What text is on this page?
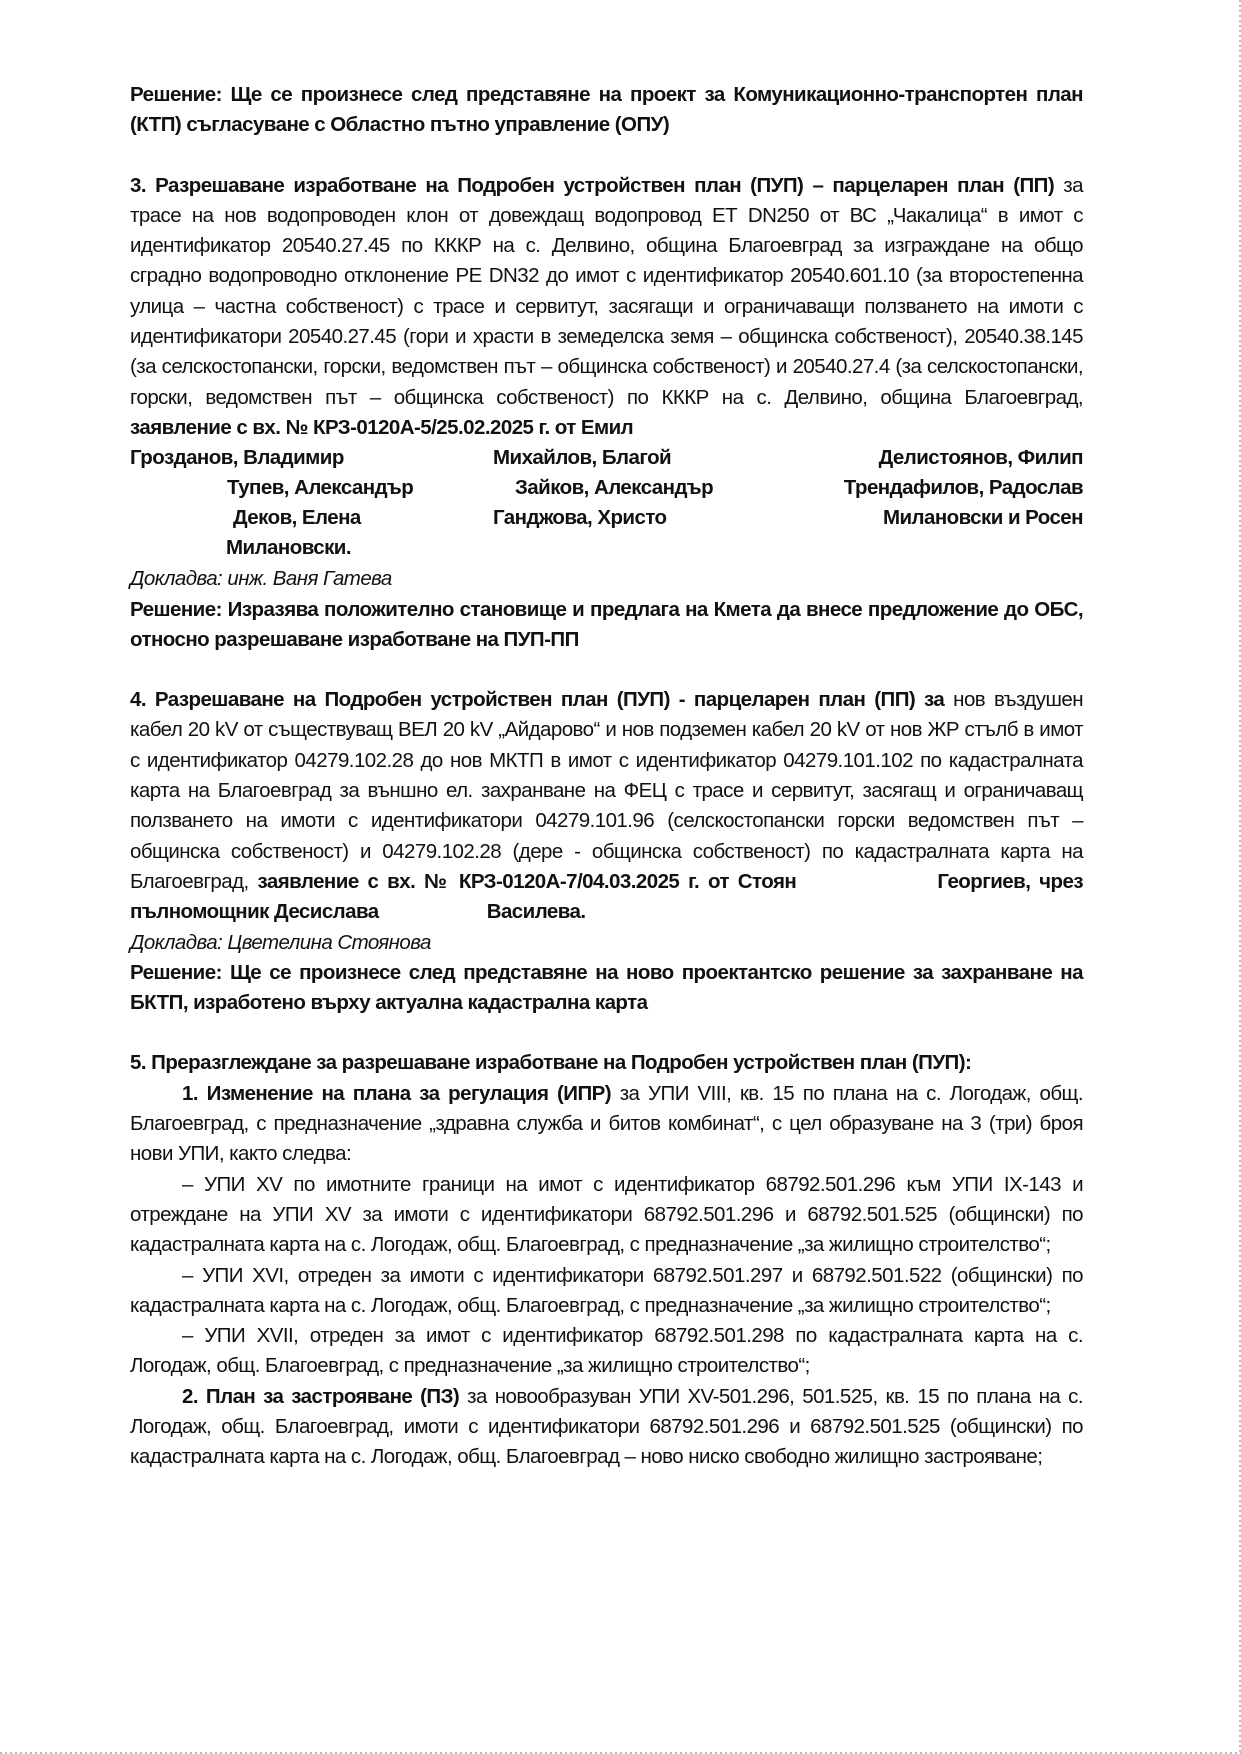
Решение: Ще се произнесе след представяне на проект за Комуникационно-транспортен план (КТП) съгласуване с Областно пътно управление (ОПУ)

3. Разрешаване изработване на Подробен устройствен план (ПУП) – парцеларен план (ПП) за трасе на нов водопроводен клон от довеждащ водопровод ЕТ DN250 от ВС „Чакалица“ в имот с идентификатор 20540.27.45 по КККР на с. Делвино, община Благоевград за изграждане на общо сградно водопроводно отклонение PE DN32 до имот с идентификатор 20540.601.10 (за второстепенна улица – частна собственост) с трасе и сервитут, засягащи и ограничаващи ползването на имоти с идентификатори 20540.27.45 (гори и храсти в земеделска земя – общинска собственост), 20540.38.145 (за селскостопански, горски, ведомствен път – общинска собственост) и 20540.27.4 (за селскостопански, горски, ведомствен път – общинска собственост) по КККР на с. Делвино, община Благоевград, заявление с вх. № КРЗ-0120А-5/25.02.2025 г. от Емил

Грозданов, Владимир	Михайлов, Благой	Делистоянов, Филип
Тупев, Александър	Зайков, Александър	Трендафилов, Радослав
Деков, Елена	Ганджова, Христо	Милановски и Росен
Милановски.

Докладва: инж. Ваня Гатева

Решение: Изразява положително становище и предлага на Кмета да внесе предложение до ОБС, относно разрешаване изработване на ПУП-ПП

4. Разрешаване на Подробен устройствен план (ПУП) - парцеларен план (ПП) за нов въздушен кабел 20 kV от съществуващ ВЕЛ 20 kV „Айдарово“ и нов подземен кабел 20 kV от нов ЖР стълб в имот с идентификатор 04279.102.28 до нов МКТП в имот с идентификатор 04279.101.102 по кадастралната карта на Благоевград за външно ел. захранване на ФЕЦ с трасе и сервитут, засягащ и ограничаващ ползването на имоти с идентификатори 04279.101.96 (селскостопански горски ведомствен път – общинска собственост) и 04279.102.28 (дере - общинска собственост) по кадастралната карта на Благоевград, заявление с вх. № КРЗ-0120А-7/04.03.2025 г. от Стоян                Георгиев, чрез пълномощник Десислава                     Василева.

Докладва: Цветелина Стоянова

Решение: Ще се произнесе след представяне на ново проектантско решение за захранване на БКТП, изработено върху актуална кадастрална карта

5. Преразглеждане за разрешаване изработване на Подробен устройствен план (ПУП):

1. Изменение на плана за регулация (ИПР) за УПИ VIII, кв. 15 по плана на с. Логодаж, общ. Благоевград, с предназначение „здравна служба и битов комбинат“, с цел образуване на 3 (три) броя нови УПИ, както следва:

– УПИ XV по имотните граници на имот с идентификатор 68792.501.296 към УПИ IX-143 и отреждане на УПИ XV за имоти с идентификатори 68792.501.296 и 68792.501.525 (общински) по кадастралната карта на с. Логодаж, общ. Благоевград, с предназначение „за жилищно строителство“;

– УПИ XVI, отреден за имоти с идентификатори 68792.501.297 и 68792.501.522 (общински) по кадастралната карта на с. Логодаж, общ. Благоевград, с предназначение „за жилищно строителство“;

– УПИ XVII, отреден за имот с идентификатор 68792.501.298 по кадастралната карта на с. Логодаж, общ. Благоевград, с предназначение „за жилищно строителство“;

2. План за застрояване (ПЗ) за новообразуван УПИ XV-501.296, 501.525, кв. 15 по плана на с. Логодаж, общ. Благоевград, имоти с идентификатори 68792.501.296 и 68792.501.525 (общински) по кадастралната карта на с. Логодаж, общ. Благоевград – ново ниско свободно жилищно застрояване;
